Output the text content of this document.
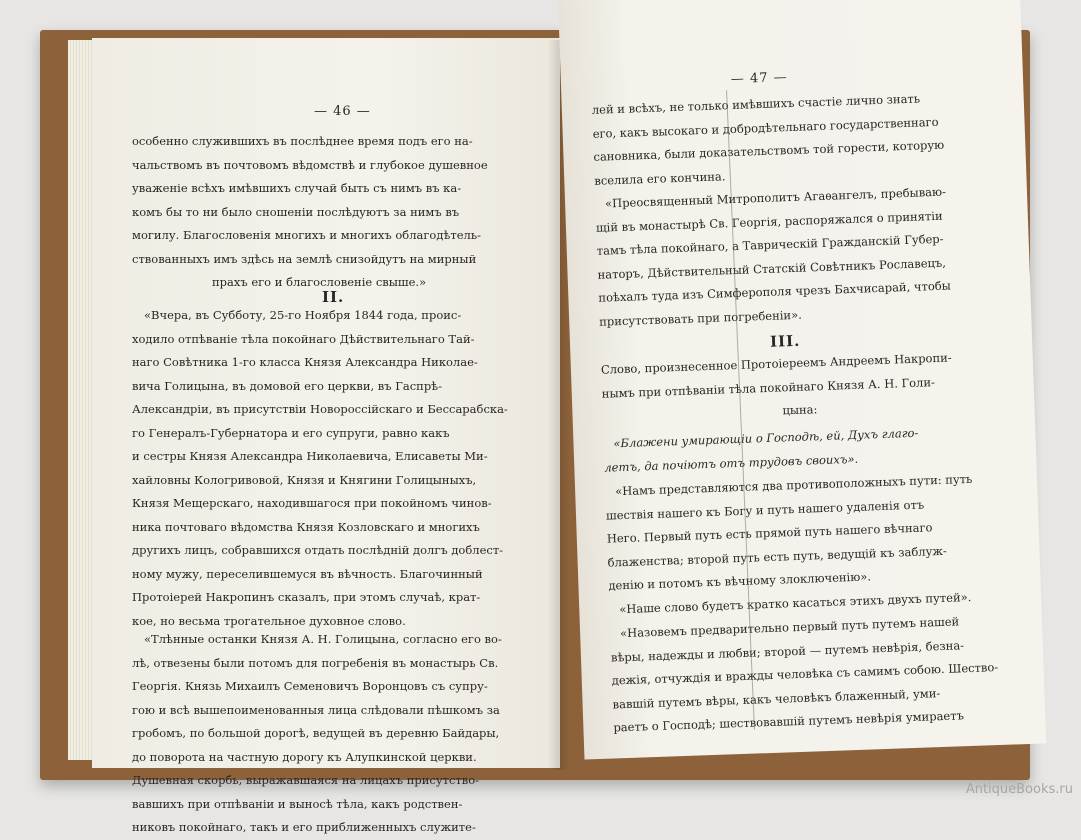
— 46 —
особенно служившихъ въ послѣднее время подъ его на-
чальствомъ въ почтовомъ вѣдомствѣ и глубокое душевное
уваженіе всѣхъ имѣвшихъ случай быть съ нимъ въ ка-
комъ бы то ни было сношеніи послѣдуютъ за нимъ въ
могилу. Благословенія многихъ и многихъ облагодѣтель-
ствованныхъ имъ здѣсь на землѣ снизойдутъ на мирный
прахъ его и благословеніе свыше.»
II.
«Вчера, въ Субботу, 25-го Ноября 1844 года, проис-
ходило отпѣваніе тѣла покойнаго Дѣйствительнаго Тай-
наго Совѣтника 1-го класса Князя Александра Николае-
вича Голицына, въ домовой его церкви, въ Гаспрѣ-
Александріи, въ присутствіи Новороссійскаго и Бессарабска-
го Генералъ-Губернатора и его супруги, равно какъ
и сестры Князя Александра Николаевича, Елисаветы Ми-
хайловны Кологривовой, Князя и Княгини Голицыныхъ,
Князя Мещерскаго, находившагося при покойномъ чинов-
ника почтоваго вѣдомства Князя Козловскаго и многихъ
другихъ лицъ, собравшихся отдать послѣдній долгъ доблест-
ному мужу, переселившемуся въ вѣчность. Благочинный
Протоіерей Накропинъ сказалъ, при этомъ случаѣ, крат-
кое, но весьма трогательное духовное слово.
«Тлѣнные останки Князя А. Н. Голицына, согласно его во-
лѣ, отвезены были потомъ для погребенія въ монастырь Св.
Георгія. Князь Михаилъ Семеновичъ Воронцовъ съ супру-
гою и всѣ вышепоименованныя лица слѣдовали пѣшкомъ за
гробомъ, по большой дорогѣ, ведущей въ деревню Байдары,
до поворота на частную дорогу къ Алупкинской церкви.
Душевная скорбь, выражавшаяся на лицахъ присутство-
вавшихъ при отпѣваніи и выносѣ тѣла, какъ родствен-
никовъ покойнаго, такъ и его приближенныхъ служите-
— 47 —
лей и всѣхъ, не только имѣвшихъ счастіе лично знать
его, какъ высокаго и добродѣтельнаго государственнаго
сановника, были доказательствомъ той горести, которую
вселила его кончина.
«Преосвященный Митрополитъ Агаѳангелъ, пребываю-
щій въ монастырѣ Св. Георгія, распоряжался о принятіи
тамъ тѣла покойнаго, а Таврическій Гражданскій Губер-
наторъ, Дѣйствительный Статскій Совѣтникъ Рославецъ,
поѣхалъ туда изъ Симферополя чрезъ Бахчисарай, чтобы
присутствовать при погребеніи».
III.
Слово, произнесенное Протоіереемъ Андреемъ Накропи-
нымъ при отпѣваніи тѣла покойнаго Князя А. Н. Голи-
цына:
«Блажени умирающіи о Господѣ, ей, Духъ глаго-
летъ, да почіютъ отъ трудовъ своихъ».
«Намъ представляются два противоположныхъ пути: путь
шествія нашего къ Богу и путь нашего удаленія отъ
Него. Первый путь есть прямой путь нашего вѣчнаго
блаженства; второй путь есть путь, ведущій къ заблуж-
денію и потомъ къ вѣчному злоключенію».
«Наше слово будетъ кратко касаться этихъ двухъ путей».
«Назовемъ предварительно первый путь путемъ нашей
вѣры, надежды и любви; второй — путемъ невѣрія, безна-
дежія, отчуждія и вражды человѣка съ самимъ собою. Шество-
вавшій путемъ вѣры, какъ человѣкъ блаженный, уми-
раетъ о Господѣ; шествовавшій путемъ невѣрія умираетъ
AntiqueBooks.ru
